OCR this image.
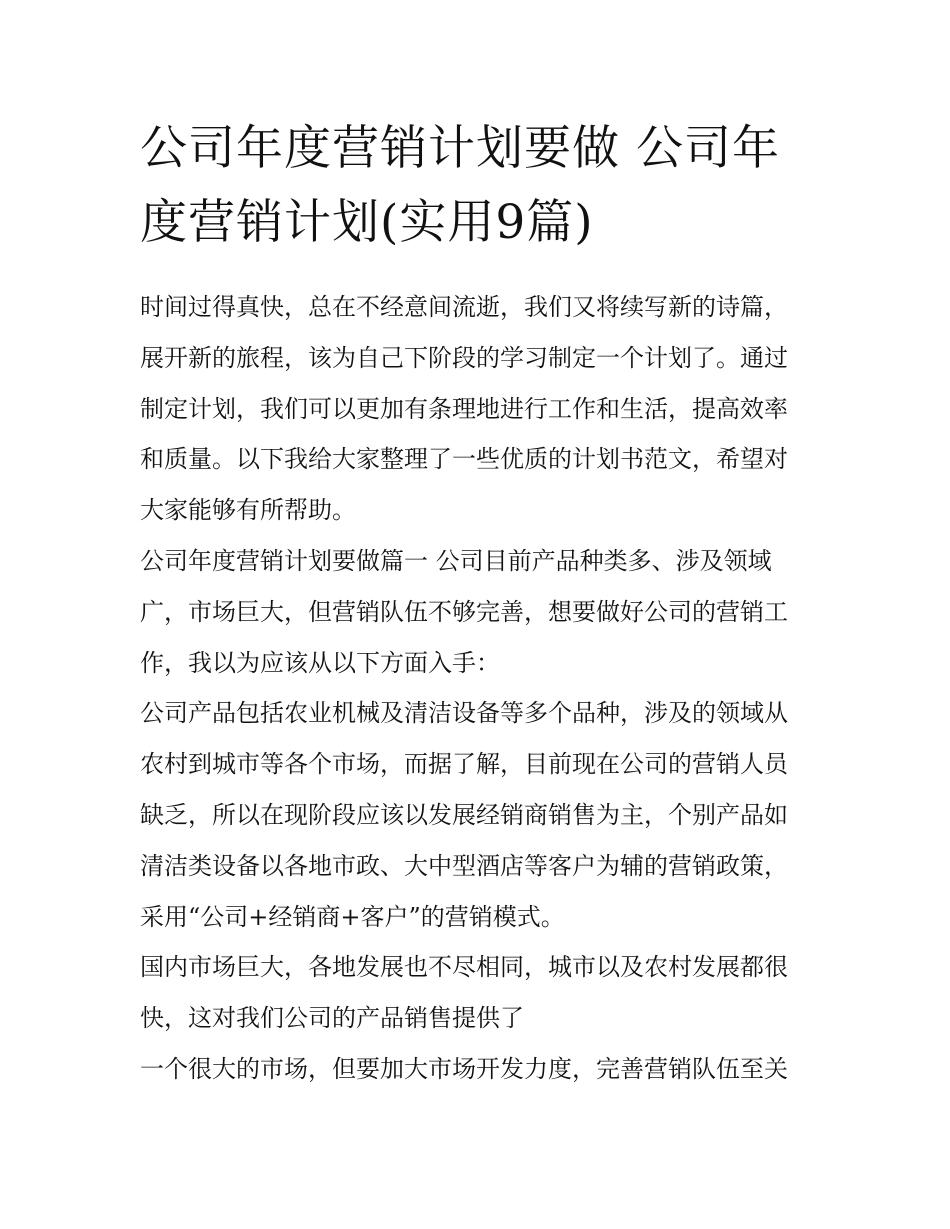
公司年度营销计划要做 公司年
度营销计划(实用9篇)

时间过得真快，总在不经意间流逝，我们又将续写新的诗篇，
展开新的旅程，该为自己下阶段的学习制定一个计划了。通过
制定计划，我们可以更加有条理地进行工作和生活，提高效率
和质量。以下我给大家整理了一些优质的计划书范文，希望对
大家能够有所帮助。

公司年度营销计划要做篇一 公司目前产品种类多、涉及领域
广，市场巨大，但营销队伍不够完善，想要做好公司的营销工
作，我以为应该从以下方面入手：

公司产品包括农业机械及清洁设备等多个品种，涉及的领域从
农村到城市等各个市场，而据了解，目前现在公司的营销人员
缺乏，所以在现阶段应该以发展经销商销售为主，个别产品如
清洁类设备以各地市政、大中型酒店等客户为辅的营销政策，
采用“公司+经销商+客户”的营销模式。

国内市场巨大，各地发展也不尽相同，城市以及农村发展都很
快，这对我们公司的产品销售提供了

一个很大的市场，但要加大市场开发力度，完善营销队伍至关
